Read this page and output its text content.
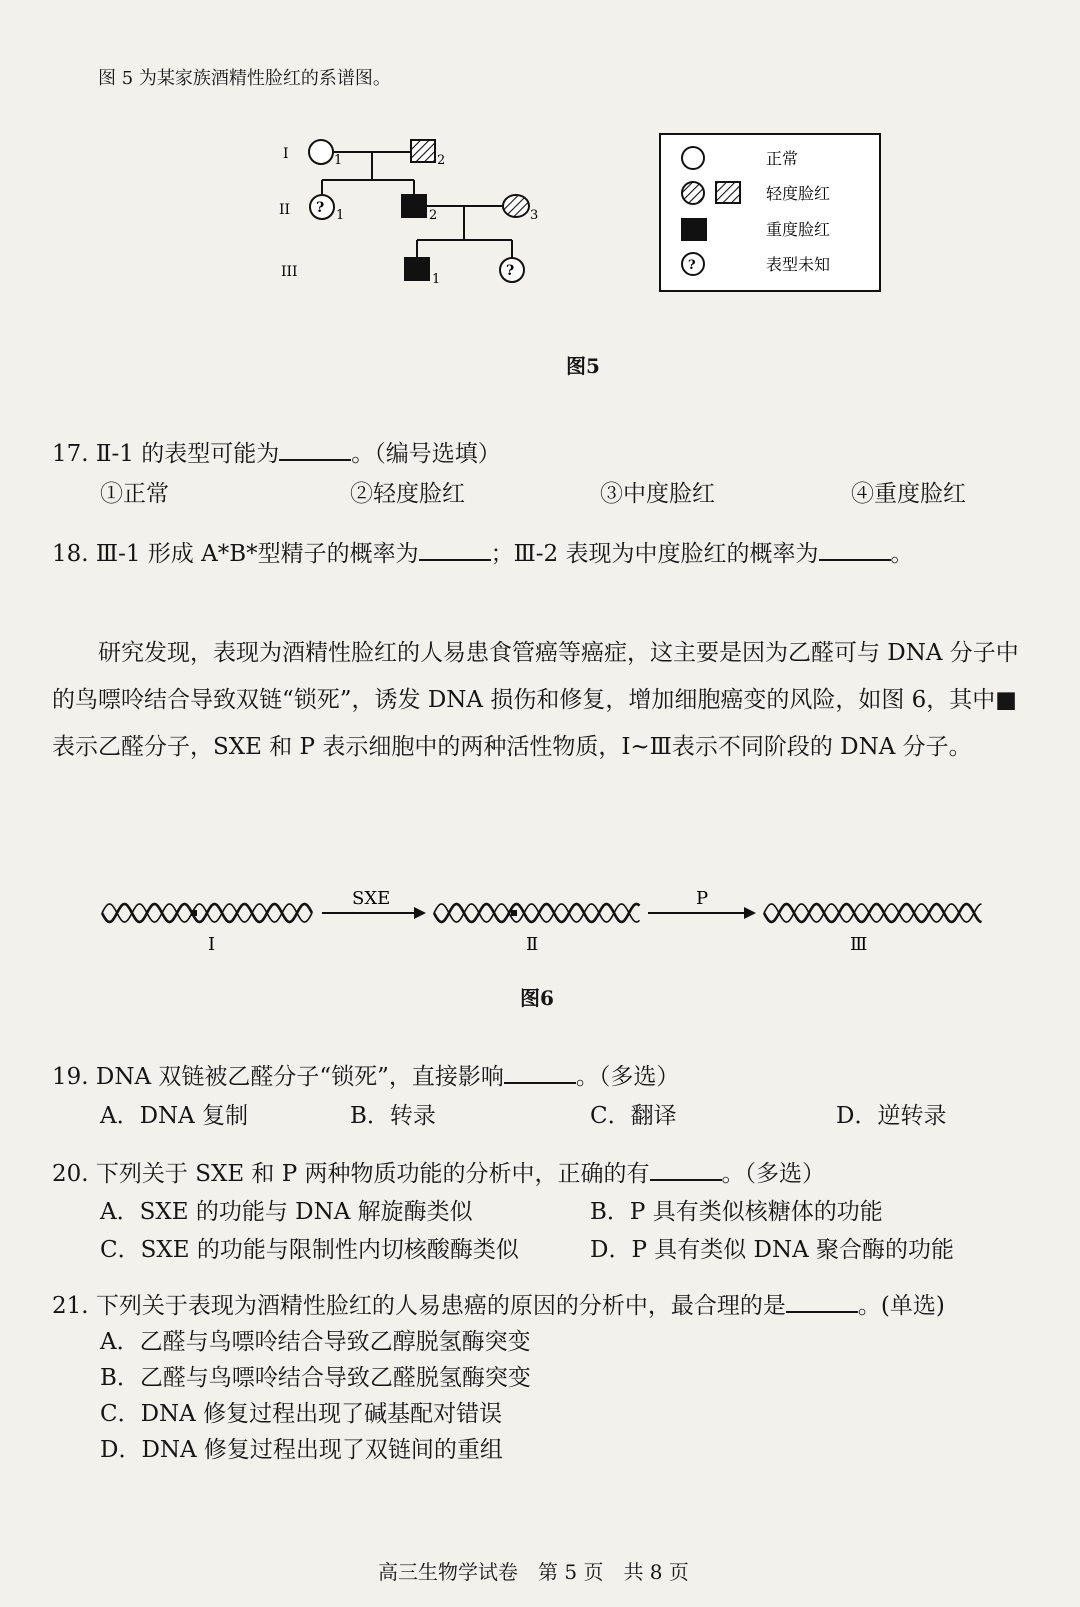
图 5 为某家族酒精性脸红的系谱图。
I
II
III
1	2
? 1	2	3
1
?
正常
轻度脸红
重度脸红
?	表型未知
图5
17. Ⅱ-1 的表型可能为	。（编号选填）
①正常	②轻度脸红	③中度脸红	④重度脸红
18. Ⅲ-1 形成 A*B*型精子的概率为	；Ⅲ-2 表现为中度脸红的概率为	。
研究发现，表现为酒精性脸红的人易患食管癌等癌症，这主要是因为乙醛可与 DNA 分子中的鸟嘌呤结合导致双链“锁死”，诱发 DNA 损伤和修复，增加细胞癌变的风险，如图 6，其中■表示乙醛分子，SXE 和 P 表示细胞中的两种活性物质，I~Ⅲ表示不同阶段的 DNA 分子。
SXE	P
I	Ⅱ	Ⅲ
图6
19. DNA 双链被乙醛分子“锁死”，直接影响	。（多选）
A．DNA 复制	B．转录	C．翻译	D．逆转录
20. 下列关于 SXE 和 P 两种物质功能的分析中，正确的有	。（多选）
A．SXE 的功能与 DNA 解旋酶类似	B．P 具有类似核糖体的功能
C．SXE 的功能与限制性内切核酸酶类似	D．P 具有类似 DNA 聚合酶的功能
21. 下列关于表现为酒精性脸红的人易患癌的原因的分析中，最合理的是	。(单选)
A．乙醛与鸟嘌呤结合导致乙醇脱氢酶突变
B．乙醛与鸟嘌呤结合导致乙醛脱氢酶突变
C．DNA 修复过程出现了碱基配对错误
D．DNA 修复过程出现了双链间的重组
高三生物学试卷　第 5 页　共 8 页
